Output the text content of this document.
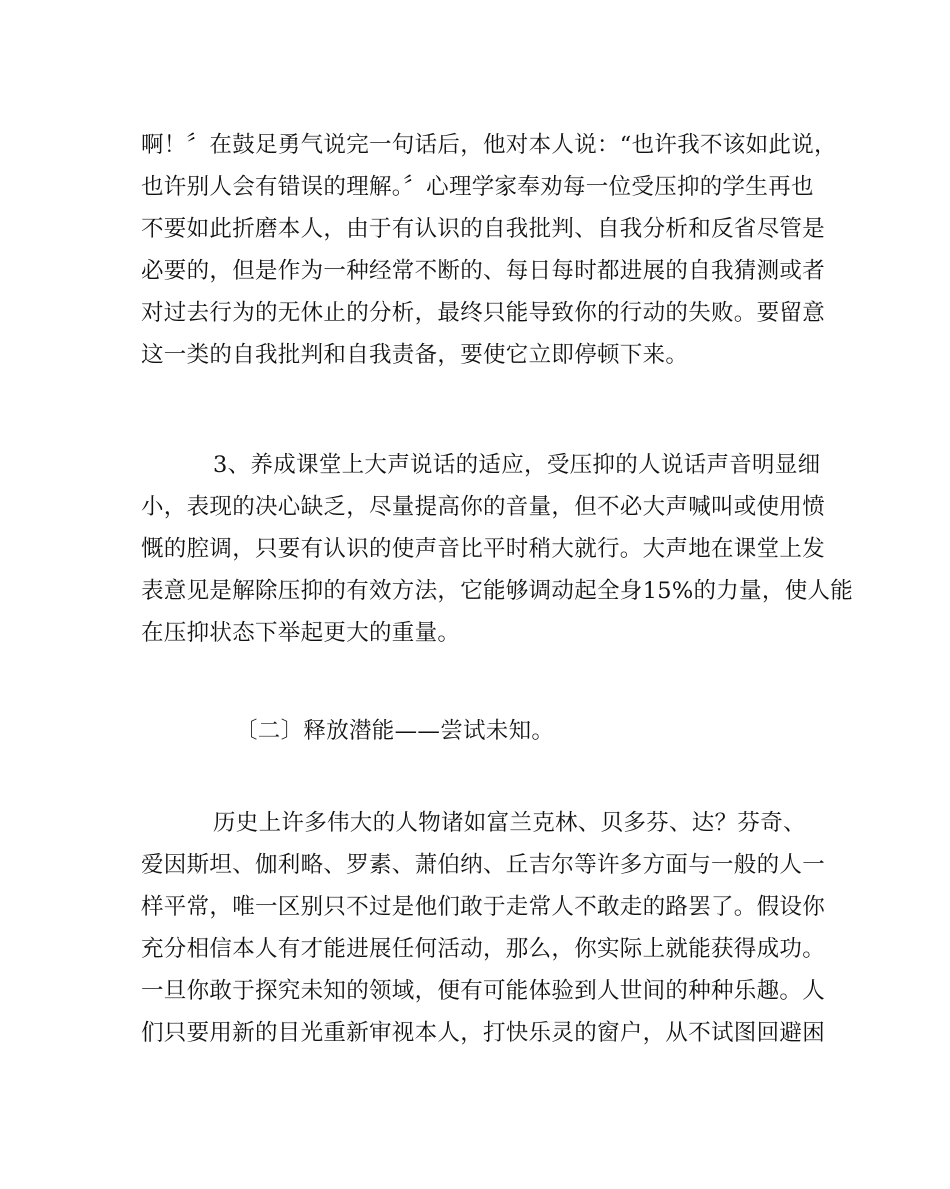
啊！〞在鼓足勇气说完一句话后，他对本人说：“也许我不该如此说，
也许别人会有错误的理解。〞心理学家奉劝每一位受压抑的学生再也
不要如此折磨本人，由于有认识的自我批判、自我分析和反省尽管是
必要的，但是作为一种经常不断的、每日每时都进展的自我猜测或者
对过去行为的无休止的分析，最终只能导致你的行动的失败。要留意
这一类的自我批判和自我责备，要使它立即停顿下来。
3、养成课堂上大声说话的适应，受压抑的人说话声音明显细
小，表现的决心缺乏，尽量提高你的音量，但不必大声喊叫或使用愤
慨的腔调，只要有认识的使声音比平时稍大就行。大声地在课堂上发
表意见是解除压抑的有效方法，它能够调动起全身15%的力量，使人能
在压抑状态下举起更大的重量。
〔二〕释放潜能——尝试未知。
历史上许多伟大的人物诸如富兰克林、贝多芬、达？芬奇、
爱因斯坦、伽利略、罗素、萧伯纳、丘吉尔等许多方面与一般的人一
样平常，唯一区别只不过是他们敢于走常人不敢走的路罢了。假设你
充分相信本人有才能进展任何活动，那么，你实际上就能获得成功。
一旦你敢于探究未知的领域，便有可能体验到人世间的种种乐趣。人
们只要用新的目光重新审视本人，打快乐灵的窗户，从不试图回避困
